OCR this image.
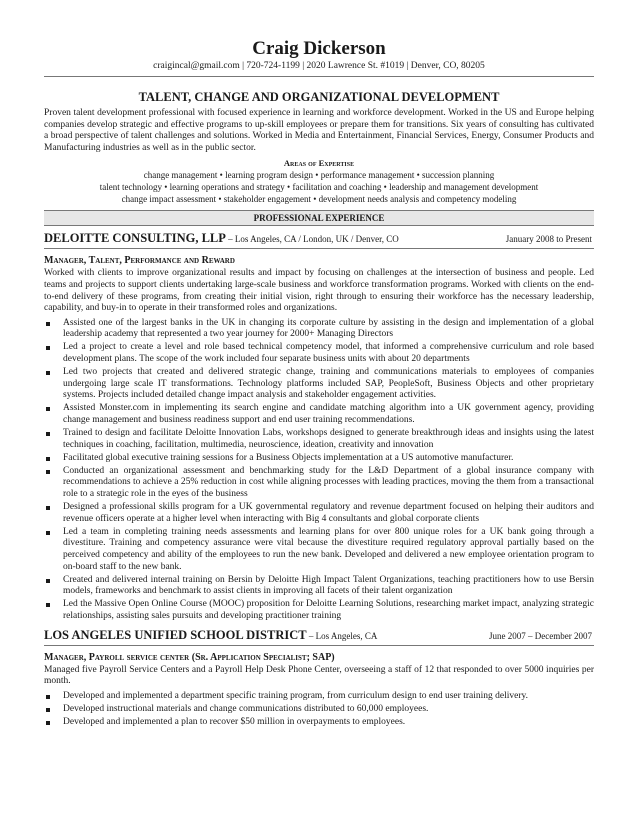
Craig Dickerson
craigincal@gmail.com | 720-724-1199 | 2020 Lawrence St. #1019 | Denver, CO, 80205
TALENT, CHANGE AND ORGANIZATIONAL DEVELOPMENT
Proven talent development professional with focused experience in learning and workforce development. Worked in the US and Europe helping companies develop strategic and effective programs to up-skill employees or prepare them for transitions. Six years of consulting has cultivated a broad perspective of talent challenges and solutions. Worked in Media and Entertainment, Financial Services, Energy, Consumer Products and Manufacturing industries as well as in the public sector.
Areas of Expertise
change management • learning program design • performance management • succession planning
talent technology • learning operations and strategy • facilitation and coaching • leadership and management development
change impact assessment • stakeholder engagement • development needs analysis and competency modeling
PROFESSIONAL EXPERIENCE
DELOITTE CONSULTING, LLP – Los Angeles, CA / London, UK / Denver, CO	January 2008 to Present
Manager, Talent, Performance and Reward
Worked with clients to improve organizational results and impact by focusing on challenges at the intersection of business and people. Led teams and projects to support clients undertaking large-scale business and workforce transformation programs. Worked with clients on the end-to-end delivery of these programs, from creating their initial vision, right through to ensuring their workforce has the necessary leadership, capability, and buy-in to operate in their transformed roles and organizations.
Assisted one of the largest banks in the UK in changing its corporate culture by assisting in the design and implementation of a global leadership academy that represented a two year journey for 2000+ Managing Directors
Led a project to create a level and role based technical competency model, that informed a comprehensive curriculum and role based development plans. The scope of the work included four separate business units with about 20 departments
Led two projects that created and delivered strategic change, training and communications materials to employees of companies undergoing large scale IT transformations. Technology platforms included SAP, PeopleSoft, Business Objects and other proprietary systems. Projects included detailed change impact analysis and stakeholder engagement activities.
Assisted Monster.com in implementing its search engine and candidate matching algorithm into a UK government agency, providing change management and business readiness support and end user training recommendations.
Trained to design and facilitate Deloitte Innovation Labs, workshops designed to generate breakthrough ideas and insights using the latest techniques in coaching, facilitation, multimedia, neuroscience, ideation, creativity and innovation
Facilitated global executive training sessions for a Business Objects implementation at a US automotive manufacturer.
Conducted an organizational assessment and benchmarking study for the L&D Department of a global insurance company with recommendations to achieve a 25% reduction in cost while aligning processes with leading practices, moving the them from a transactional role to a strategic role in the eyes of the business
Designed a professional skills program for a UK governmental regulatory and revenue department focused on helping their auditors and revenue officers operate at a higher level when interacting with Big 4 consultants and global corporate clients
Led a team in completing training needs assessments and learning plans for over 800 unique roles for a UK bank going through a divestiture. Training and competency assurance were vital because the divestiture required regulatory approval partially based on the perceived competency and ability of the employees to run the new bank. Developed and delivered a new employee orientation program to on-board staff to the new bank.
Created and delivered internal training on Bersin by Deloitte High Impact Talent Organizations, teaching practitioners how to use Bersin models, frameworks and benchmark to assist clients in improving all facets of their talent organization
Led the Massive Open Online Course (MOOC) proposition for Deloitte Learning Solutions, researching market impact, analyzing strategic relationships, assisting sales pursuits and developing practitioner training
LOS ANGELES UNIFIED SCHOOL DISTRICT – Los Angeles, CA	June 2007 – December 2007
Manager, Payroll service center (Sr. Application Specialist; SAP)
Managed five Payroll Service Centers and a Payroll Help Desk Phone Center, overseeing a staff of 12 that responded to over 5000 inquiries per month.
Developed and implemented a department specific training program, from curriculum design to end user training delivery.
Developed instructional materials and change communications distributed to 60,000 employees.
Developed and implemented a plan to recover $50 million in overpayments to employees.
